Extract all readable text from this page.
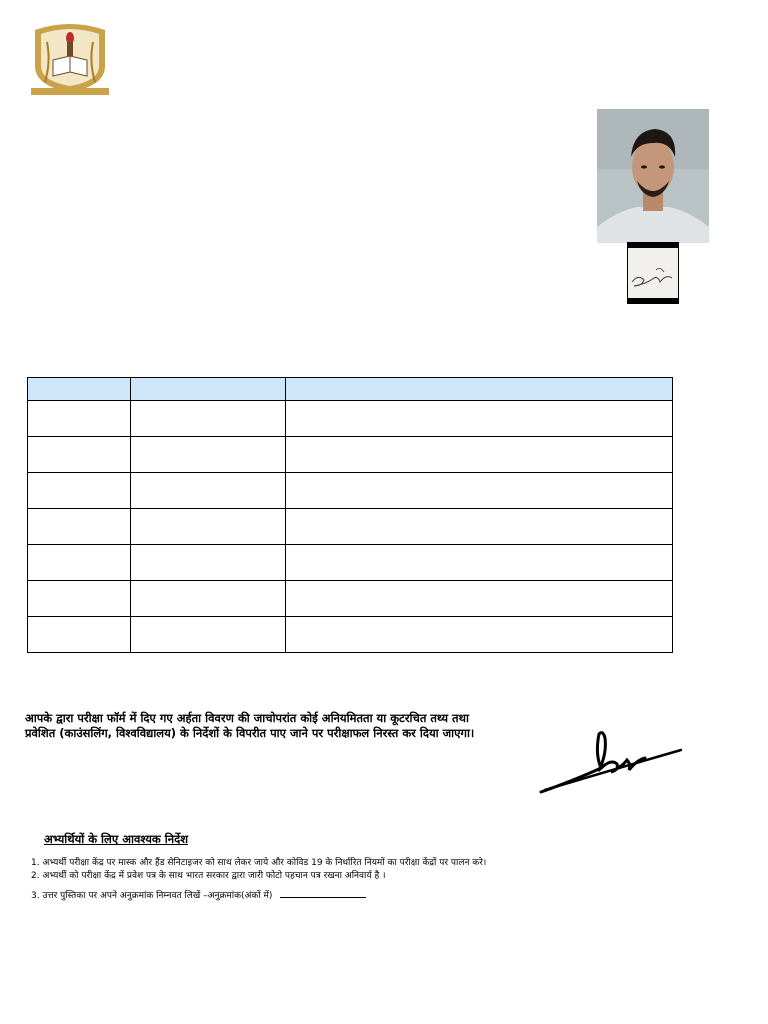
आपके द्वारा परीक्षा फॉर्म में दिए गए अर्हता विवरण की जाचोपरांत कोई अनियमितता या कूटरचित तथ्य तथा प्रवेशित (काउंसलिंग, विश्वविद्यालय) के निर्देशों के विपरीत पाए जाने पर परीक्षाफल निरस्त कर दिया जाएगा।
अभ्यर्थियों के लिए आवश्यक निर्देश
1. अभ्यर्थी परीक्षा केंद्र पर मास्क और हैंड सेनिटाइजर को साथ लेकर जाये और कोविड 19 के निर्धारित नियमों का परीक्षा केंद्रों पर पालन करे।
2. अभ्यर्थी को परीक्षा केंद्र में प्रवेश पत्र के साथ भारत सरकार द्वारा जारी फोटो पहचान पत्र रखना अनिवार्य है ।
3. उत्तर पुस्तिका पर अपने अनुक्रमांक निम्नवत लिखें –अनुक्रमांक(अंकों में)
